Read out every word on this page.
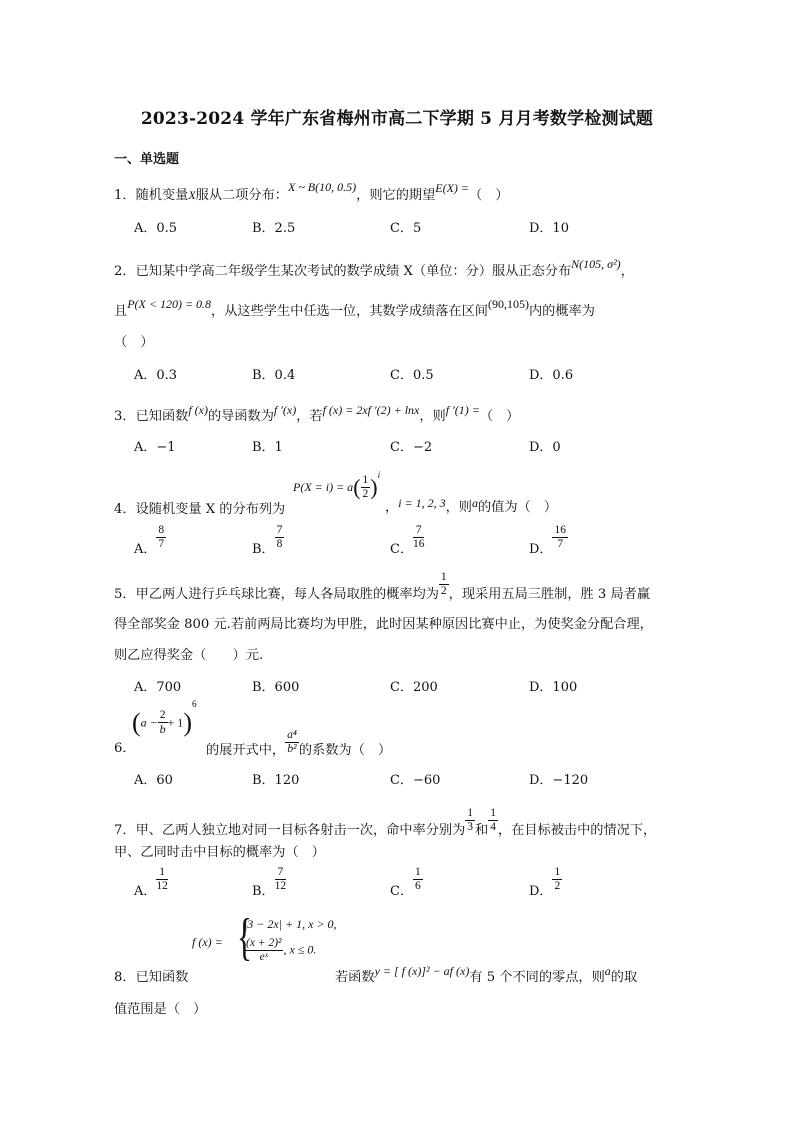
2023-2024 学年广东省梅州市高二下学期 5 月月考数学检测试题
一、单选题
1．随机变量X服从二项分布：X ~ B(10, 0.5)，则它的期望E(X) =（　）
A．0.5	B．2.5	C．5	D．10
2．已知某中学高二年级学生某次考试的数学成绩 X（单位：分）服从正态分布N(105, σ²)，
且P(X < 120) = 0.8，从这些学生中任选一位，其数学成绩落在区间(90,105)内的概率为
（　）
A．0.3	B．0.4	C．0.5	D．0.6
3．已知函数f (x)的导函数为f ′(x)，若f (x) = 2xf ′(2) + lnx，则f ′(1) =（　）
A．−1	B．1	C．−2	D．0
4．设随机变量 X 的分布列为
$P(X = i) = a( \frac{1}{2} )^i$
，i = 1, 2, 3，则a的值为（　）
A． $\frac{8}{7}$	B． $\frac{7}{8}$	C． $\frac{7}{16}$	D． $\frac{16}{7}$
5．甲乙两人进行乒乓球比赛，每人各局取胜的概率均为 $\frac{1}{2}$ ，现采用五局三胜制，胜 3 局者赢
得全部奖金 800 元.若前两局比赛均为甲胜，此时因某种原因比赛中止，为使奖金分配合理，
则乙应得奖金（　　）元.
A．700	B．600	C．200	D．100
6．
$(a - \frac{2}{b} + 1)^6$
的展开式中， $\frac{\text{a⁴}}{\text{b²}}$ 的系数为（　）
A．60	B．120	C．−60	D．−120
7．甲、乙两人独立地对同一目标各射击一次，命中率分别为 $\frac{1}{3}$ 和 $\frac{1}{4}$ ，在目标被击中的情况下，
甲、乙同时击中目标的概率为（　）
A． $\frac{1}{12}$	B． $\frac{7}{12}$	C． $\frac{1}{6}$	D． $\frac{1}{2}$
f (x) = {
|3 − 2x| + 1, x > 0,
$\frac{\text{(x + 2)²}}{\text{eˣ}}$ , x ≤ 0.
8．已知函数	若函数y = [ f (x)]² − af (x)有 5 个不同的零点，则a的取
值范围是（　）
